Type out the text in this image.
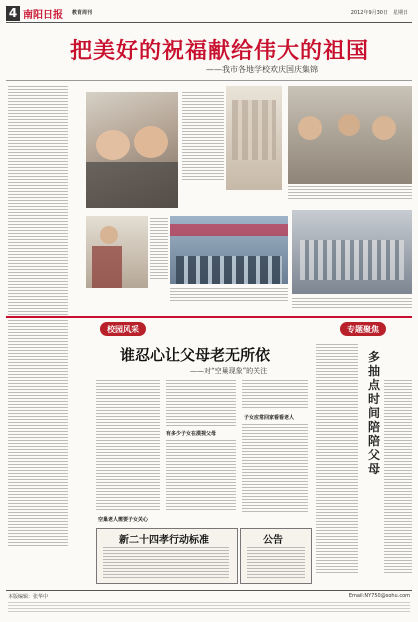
4 南阳日报 教育周刊	2012年9月30日　星期日
把美好的祝福献给伟大的祖国
——我市各地学校欢庆国庆集锦
校园风采	专题聚焦
谁忍心让父母老无所依
——对“空巢现象”的关注
有多少子女在漠视父母
空巢老人需要子女关心
子女应常回家看看老人
多抽点时间陪陪父母
新二十四孝行动标准	公告
本版编辑：张华中	Email:NY750@sohu.com
